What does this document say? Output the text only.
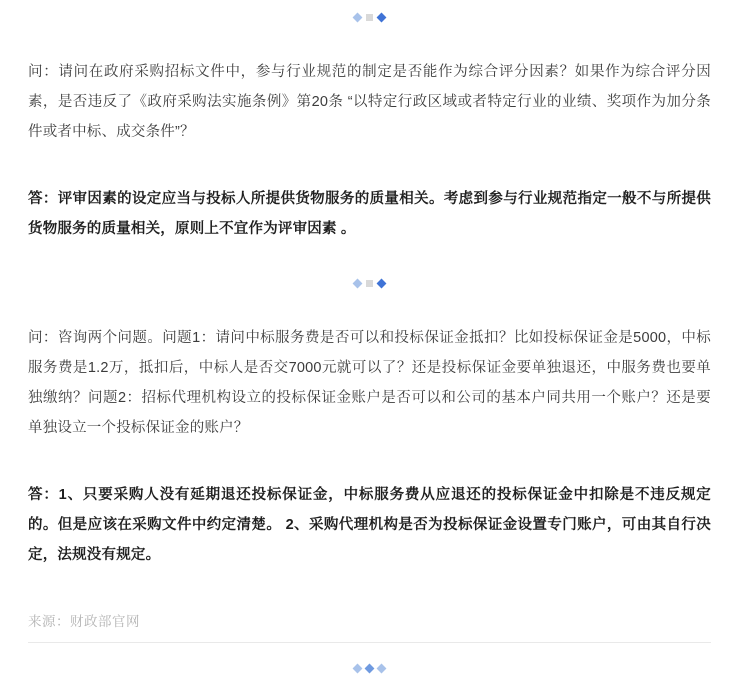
问：请问在政府采购招标文件中，参与行业规范的制定是否能作为综合评分因素？如果作为综合评分因素，是否违反了《政府采购法实施条例》第20条 “以特定行政区域或者特定行业的业绩、奖项作为加分条件或者中标、成交条件”？

答：评审因素的设定应当与投标人所提供货物服务的质量相关。考虑到参与行业规范指定一般不与所提供货物服务的质量相关，原则上不宜作为评审因素 。

问：咨询两个问题。问题1：请问中标服务费是否可以和投标保证金抵扣？比如投标保证金是5000，中标服务费是1.2万，抵扣后，中标人是否交7000元就可以了？还是投标保证金要单独退还，中服务费也要单独缴纳？问题2：招标代理机构设立的投标保证金账户是否可以和公司的基本户同共用一个账户？还是要单独设立一个投标保证金的账户？

答：1、只要采购人没有延期退还投标保证金，中标服务费从应退还的投标保证金中扣除是不违反规定的。但是应该在采购文件中约定清楚。 2、采购代理机构是否为投标保证金设置专门账户，可由其自行决定，法规没有规定。

来源：财政部官网
